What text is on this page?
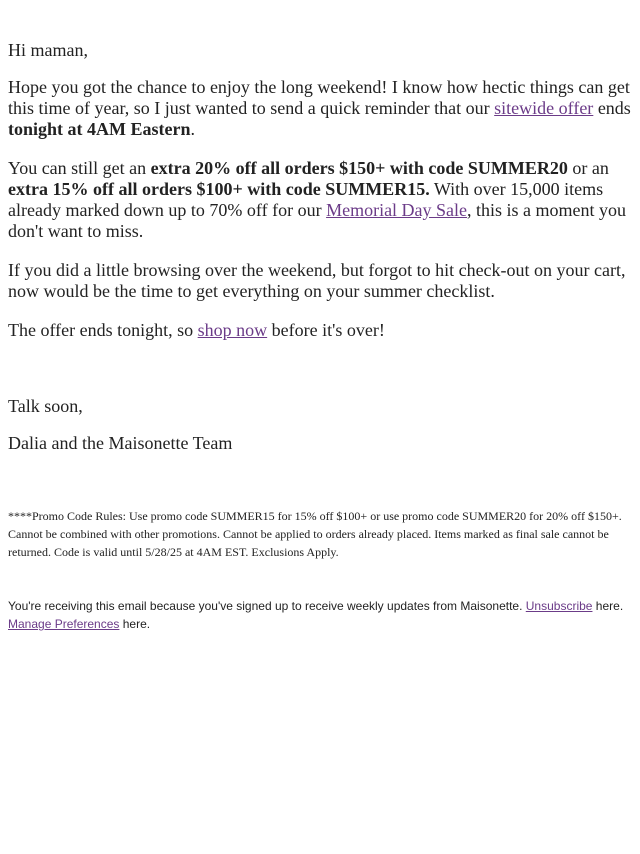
Hi maman,

Hope you got the chance to enjoy the long weekend! I know how hectic things can get this time of year, so I just wanted to send a quick reminder that our sitewide offer ends tonight at 4AM Eastern.

You can still get an extra 20% off all orders $150+ with code SUMMER20 or an extra 15% off all orders $100+ with code SUMMER15. With over 15,000 items already marked down up to 70% off for our Memorial Day Sale, this is a moment you don't want to miss.

If you did a little browsing over the weekend, but forgot to hit check-out on your cart, now would be the time to get everything on your summer checklist.

The offer ends tonight, so shop now before it's over!

Talk soon,

Dalia and the Maisonette Team

****Promo Code Rules: Use promo code SUMMER15 for 15% off $100+ or use promo code SUMMER20 for 20% off $150+. Cannot be combined with other promotions. Cannot be applied to orders already placed. Items marked as final sale cannot be returned. Code is valid until 5/28/25 at 4AM EST. Exclusions Apply.
You're receiving this email because you've signed up to receive weekly updates from Maisonette. Unsubscribe here. Manage Preferences here.
